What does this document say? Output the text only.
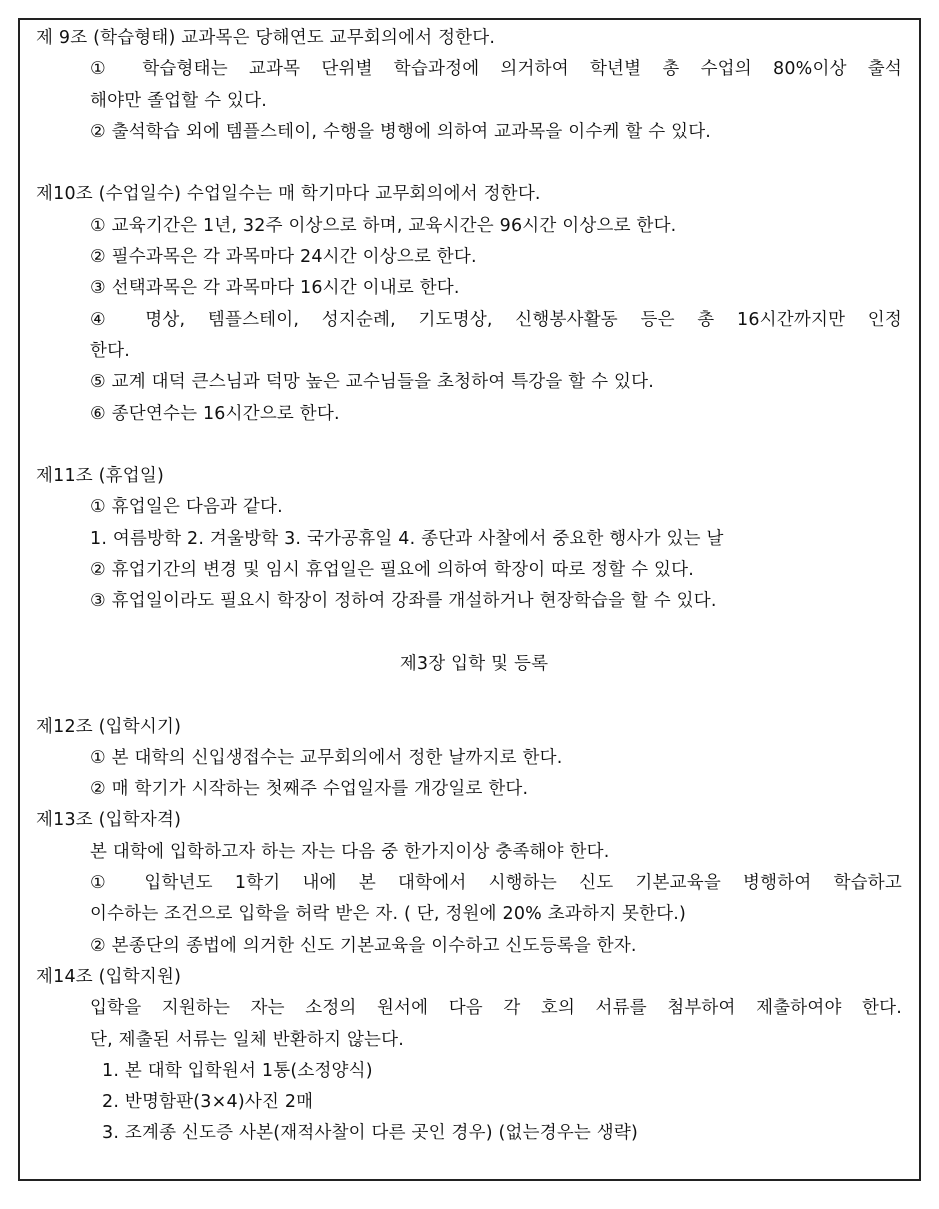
제 9조 (학습형태) 교과목은 당해연도 교무회의에서 정한다.
① 학습형태는 교과목 단위별 학습과정에 의거하여 학년별 총 수업의 80%이상 출석
해야만 졸업할 수 있다.
② 출석학습 외에 템플스테이, 수행을 병행에 의하여 교과목을 이수케 할 수 있다.
제10조 (수업일수) 수업일수는 매 학기마다 교무회의에서 정한다.
① 교육기간은 1년, 32주 이상으로 하며, 교육시간은 96시간 이상으로 한다.
② 필수과목은 각 과목마다 24시간 이상으로 한다.
③ 선택과목은 각 과목마다 16시간 이내로 한다.
④ 명상, 템플스테이, 성지순례, 기도명상, 신행봉사활동 등은 총 16시간까지만 인정
한다.
⑤ 교계 대덕 큰스님과 덕망 높은 교수님들을 초청하여 특강을 할 수 있다.
⑥ 종단연수는 16시간으로 한다.
제11조 (휴업일)
① 휴업일은 다음과 같다.
1. 여름방학 2. 겨울방학 3. 국가공휴일 4. 종단과 사찰에서 중요한 행사가 있는 날
② 휴업기간의 변경 및 임시 휴업일은 필요에 의하여 학장이 따로 정할 수 있다.
③ 휴업일이라도 필요시 학장이 정하여 강좌를 개설하거나 현장학습을 할 수 있다.
제3장 입학 및 등록
제12조 (입학시기)
① 본 대학의 신입생접수는 교무회의에서 정한 날까지로 한다.
② 매 학기가 시작하는 첫째주 수업일자를 개강일로 한다.
제13조 (입학자격)
본 대학에 입학하고자 하는 자는 다음 중 한가지이상 충족해야 한다.
① 입학년도 1학기 내에 본 대학에서 시행하는 신도 기본교육을 병행하여 학습하고
이수하는 조건으로 입학을 허락 받은 자. ( 단, 정원에 20% 초과하지 못한다.)
② 본종단의 종법에 의거한 신도 기본교육을 이수하고 신도등록을 한자.
제14조 (입학지원)
입학을 지원하는 자는 소정의 원서에 다음 각 호의 서류를 첨부하여 제출하여야 한다.
단, 제출된 서류는 일체 반환하지 않는다.
1. 본 대학 입학원서 1통(소정양식)
2. 반명함판(3×4)사진 2매
3. 조계종 신도증 사본(재적사찰이 다른 곳인 경우) (없는경우는 생략)
